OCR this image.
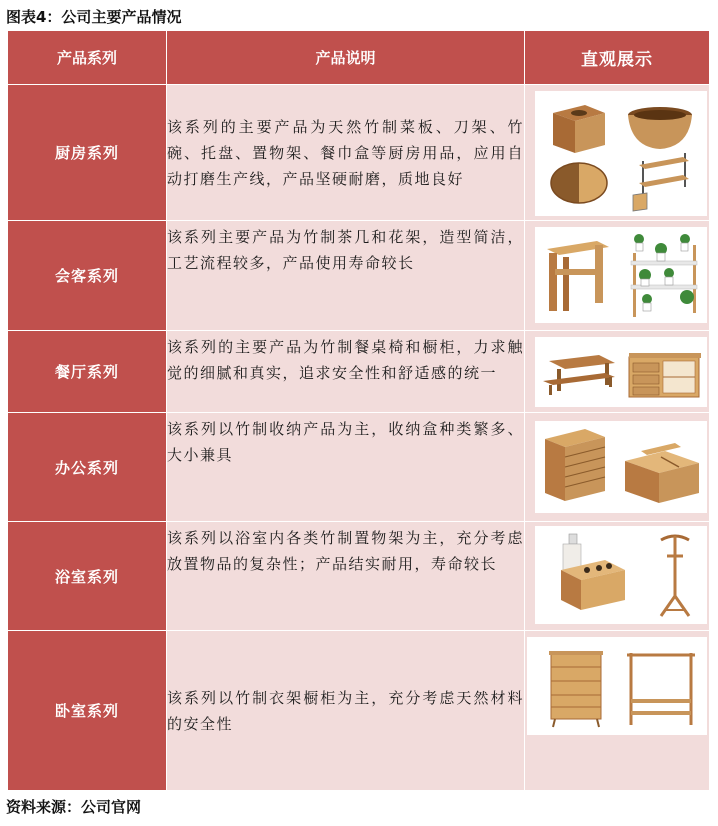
图表4：公司主要产品情况
产品系列	产品说明	直观展示
厨房系列	该系列的主要产品为天然竹制菜板、刀架、竹碗、托盘、置物架、餐巾盒等厨房用品，应用自动打磨生产线，产品坚硬耐磨，质地良好	

会客系列	该系列主要产品为竹制茶几和花架，造型简洁，工艺流程较多，产品使用寿命较长	

餐厅系列	该系列的主要产品为竹制餐桌椅和橱柜，力求触觉的细腻和真实，追求安全性和舒适感的统一	

办公系列	该系列以竹制收纳产品为主，收纳盒种类繁多、大小兼具	

浴室系列	该系列以浴室内各类竹制置物架为主，充分考虑放置物品的复杂性；产品结实耐用，寿命较长	

卧室系列	该系列以竹制衣架橱柜为主，充分考虑天然材料的安全性	
资料来源：公司官网
